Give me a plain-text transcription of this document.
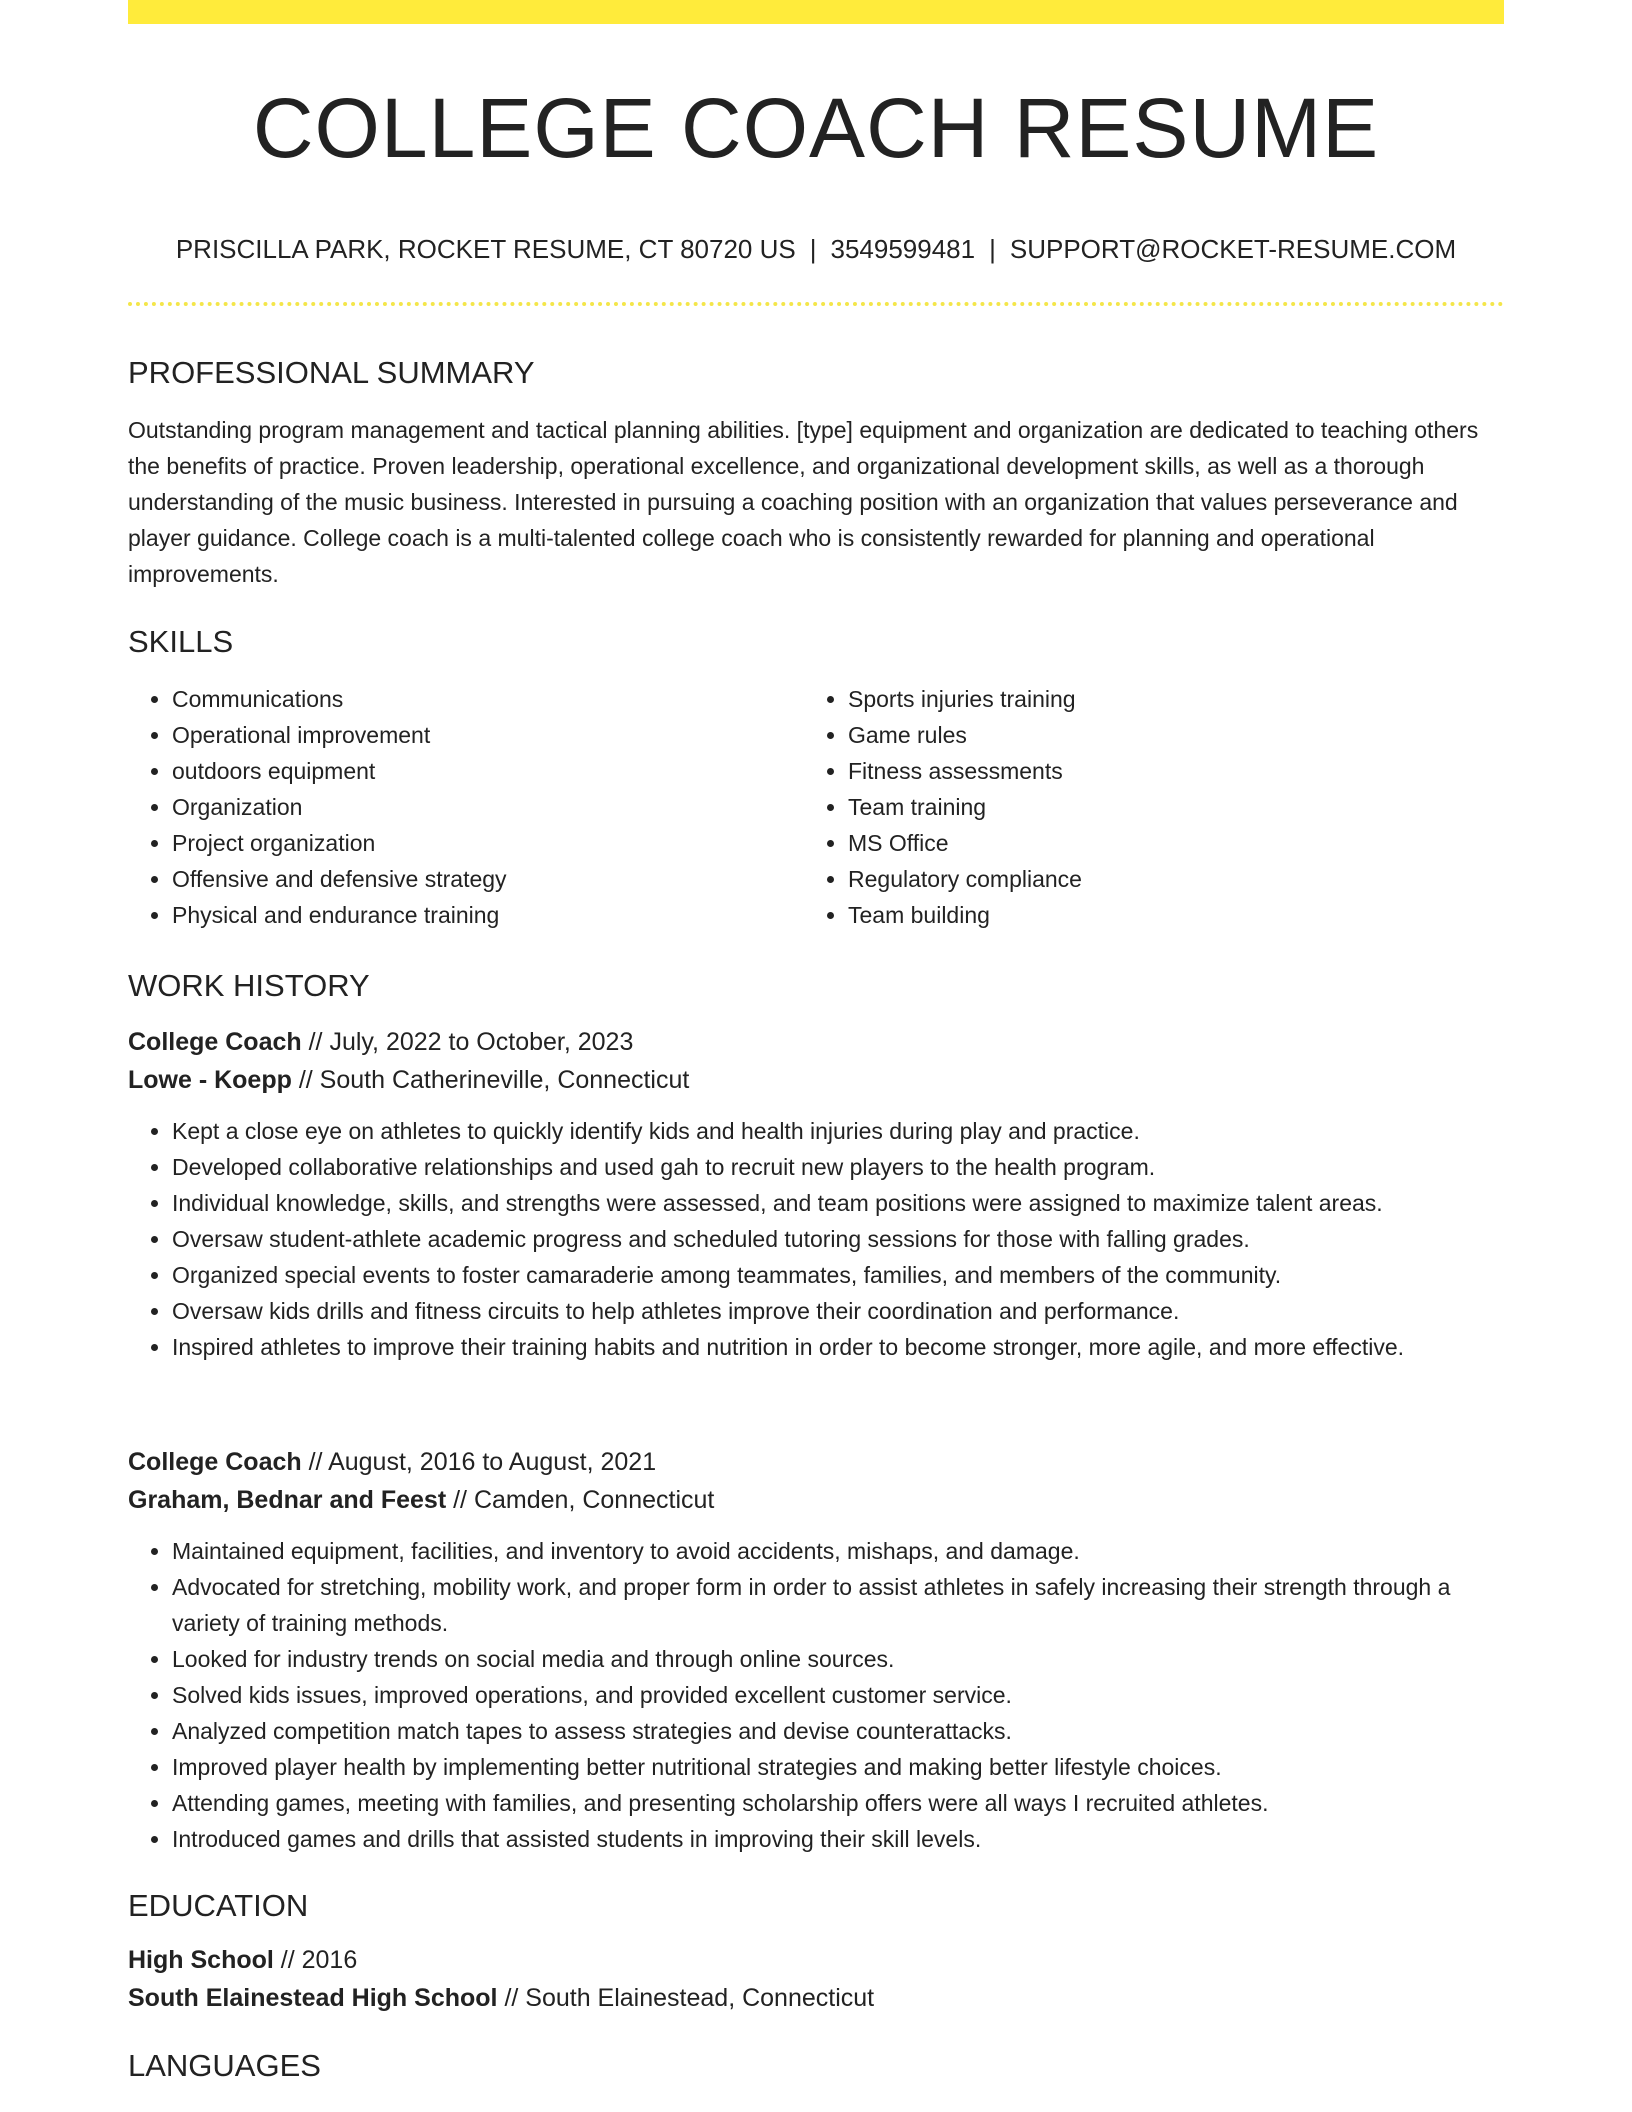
COLLEGE COACH RESUME
PRISCILLA PARK, ROCKET RESUME, CT 80720 US | 3549599481 | SUPPORT@ROCKET-RESUME.COM
PROFESSIONAL SUMMARY

Outstanding program management and tactical planning abilities. [type] equipment and organization are dedicated to teaching others the benefits of practice. Proven leadership, operational excellence, and organizational development skills, as well as a thorough understanding of the music business. Interested in pursuing a coaching position with an organization that values perseverance and player guidance. College coach is a multi-talented college coach who is consistently rewarded for planning and operational improvements.

SKILLS
• Communications
• Operational improvement
• outdoors equipment
• Organization
• Project organization
• Offensive and defensive strategy
• Physical and endurance training
• Sports injuries training
• Game rules
• Fitness assessments
• Team training
• MS Office
• Regulatory compliance
• Team building
WORK HISTORY
College Coach // July, 2022 to October, 2023
Lowe - Koepp // South Catherineville, Connecticut
• Kept a close eye on athletes to quickly identify kids and health injuries during play and practice.
• Developed collaborative relationships and used gah to recruit new players to the health program.
• Individual knowledge, skills, and strengths were assessed, and team positions were assigned to maximize talent areas.
• Oversaw student-athlete academic progress and scheduled tutoring sessions for those with falling grades.
• Organized special events to foster camaraderie among teammates, families, and members of the community.
• Oversaw kids drills and fitness circuits to help athletes improve their coordination and performance.
• Inspired athletes to improve their training habits and nutrition in order to become stronger, more agile, and more effective.
College Coach // August, 2016 to August, 2021
Graham, Bednar and Feest // Camden, Connecticut
• Maintained equipment, facilities, and inventory to avoid accidents, mishaps, and damage.
• Advocated for stretching, mobility work, and proper form in order to assist athletes in safely increasing their strength through a variety of training methods.
• Looked for industry trends on social media and through online sources.
• Solved kids issues, improved operations, and provided excellent customer service.
• Analyzed competition match tapes to assess strategies and devise counterattacks.
• Improved player health by implementing better nutritional strategies and making better lifestyle choices.
• Attending games, meeting with families, and presenting scholarship offers were all ways I recruited athletes.
• Introduced games and drills that assisted students in improving their skill levels.
EDUCATION
High School // 2016
South Elainestead High School // South Elainestead, Connecticut
LANGUAGES
